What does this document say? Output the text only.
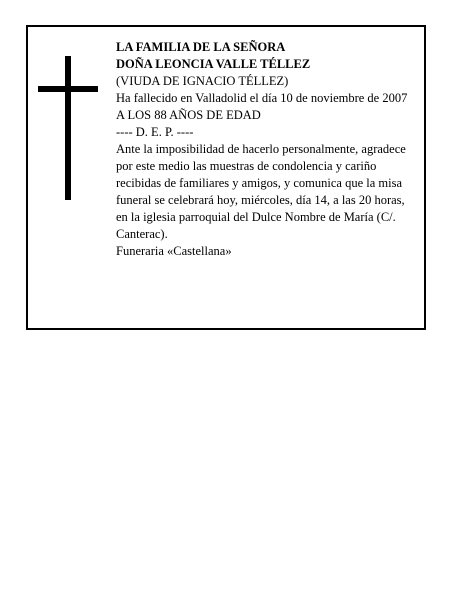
LA FAMILIA DE LA SEÑORA

DOÑA LEONCIA VALLE TÉLLEZ

(VIUDA DE IGNACIO TÉLLEZ)

Ha fallecido en Valladolid el día 10 de noviembre de 2007

A LOS 88 AÑOS DE EDAD

---- D. E. P. ----

Ante la imposibilidad de hacerlo personalmente, agradece por este medio las muestras de condolencia y cariño recibidas de familiares y amigos, y comunica que la misa funeral se celebrará hoy, miércoles, día 14, a las 20 horas, en la iglesia parroquial del Dulce Nombre de María (C/. Canterac).

Funeraria «Castellana»
